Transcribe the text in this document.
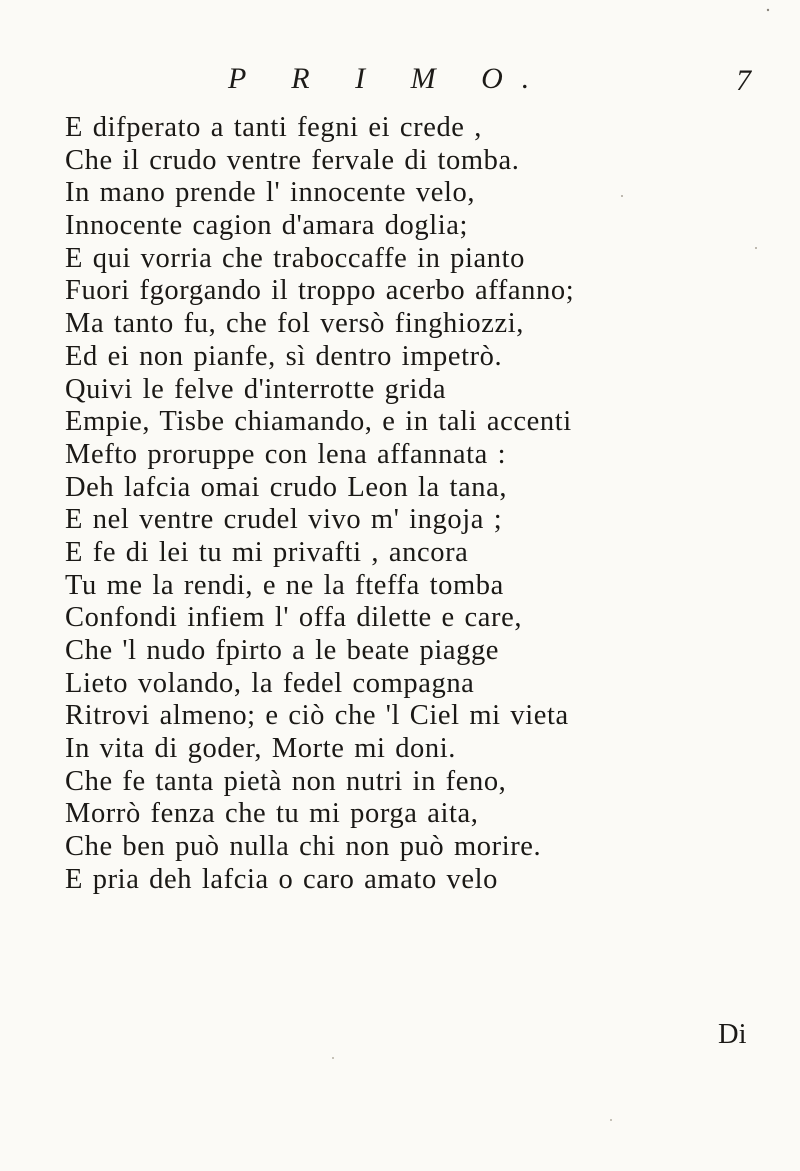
P R I M O.	7
E difperato a tanti fegni ei crede ,
Che il crudo ventre fervale di tomba.
In mano prende l' innocente velo,
Innocente cagion d'amara doglia;
E qui vorria che traboccaffe in pianto
Fuori fgorgando il troppo acerbo affanno;
Ma tanto fu, che fol versò finghiozzi,
Ed ei non pianfe, sì dentro impetrò.
Quivi le felve d'interrotte grida
Empie, Tisbe chiamando, e in tali accenti
Mefto proruppe con lena affannata :
Deh lafcia omai crudo Leon la tana,
E nel ventre crudel vivo m' ingoja ;
E fe di lei tu mi privafti , ancora
Tu me la rendi, e ne la fteffa tomba
Confondi infiem l' offa dilette e care,
Che 'l nudo fpirto a le beate piagge
Lieto volando, la fedel compagna
Ritrovi almeno; e ciò che 'l Ciel mi vieta
In vita di goder, Morte mi doni.
Che fe tanta pietà non nutri in feno,
Morrò fenza che tu mi porga aita,
Che ben può nulla chi non può morire.
E pria deh lafcia o caro amato velo
Di
